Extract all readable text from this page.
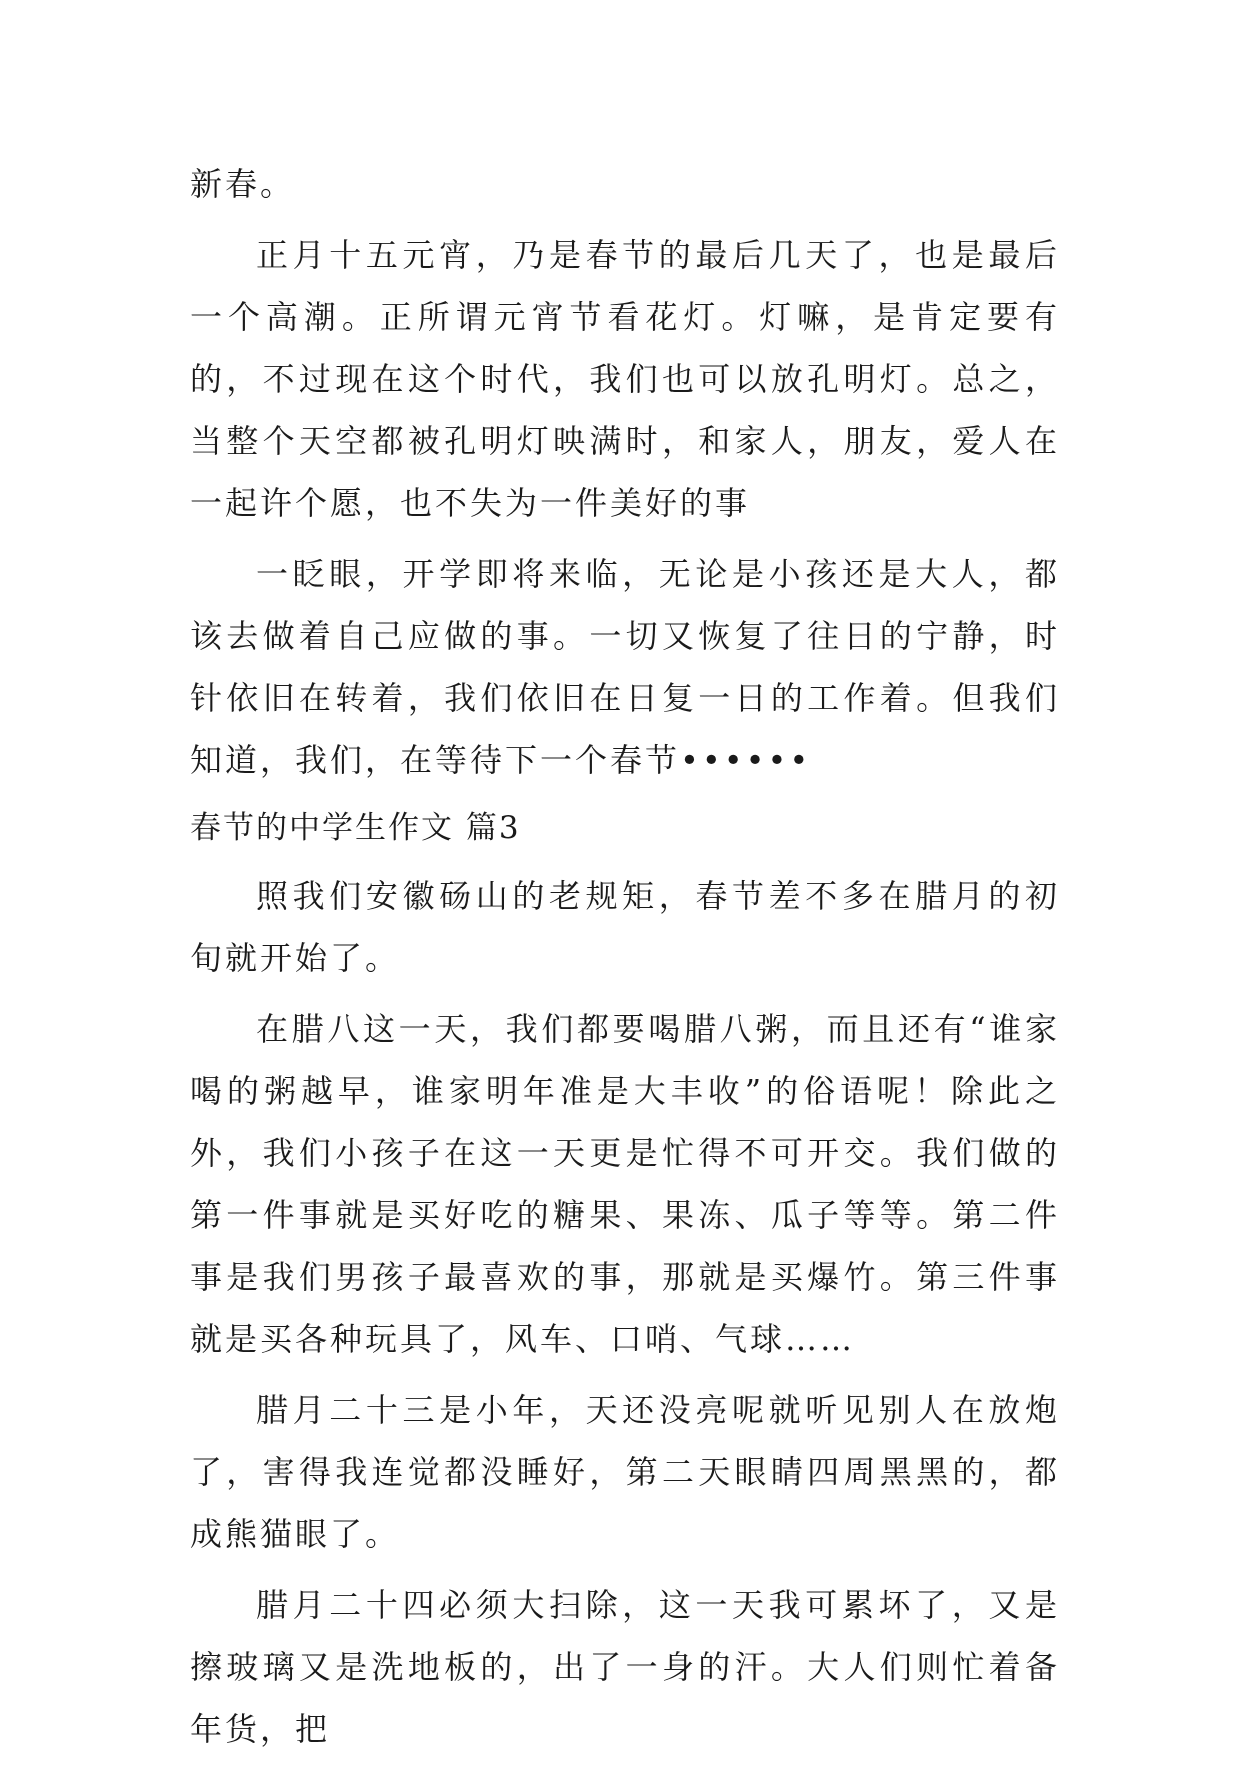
新春。

正月十五元宵，乃是春节的最后几天了，也是最后一个高潮。正所谓元宵节看花灯。灯嘛，是肯定要有的，不过现在这个时代，我们也可以放孔明灯。总之，当整个天空都被孔明灯映满时，和家人，朋友，爱人在一起许个愿，也不失为一件美好的事

一眨眼，开学即将来临，无论是小孩还是大人，都该去做着自己应做的事。一切又恢复了往日的宁静，时针依旧在转着，我们依旧在日复一日的工作着。但我们知道，我们，在等待下一个春节••••••

春节的中学生作文 篇3

照我们安徽砀山的老规矩，春节差不多在腊月的初旬就开始了。

在腊八这一天，我们都要喝腊八粥，而且还有“谁家喝的粥越早，谁家明年准是大丰收”的俗语呢！除此之外，我们小孩子在这一天更是忙得不可开交。我们做的第一件事就是买好吃的糖果、果冻、瓜子等等。第二件事是我们男孩子最喜欢的事，那就是买爆竹。第三件事就是买各种玩具了，风车、口哨、气球……

腊月二十三是小年，天还没亮呢就听见别人在放炮了，害得我连觉都没睡好，第二天眼睛四周黑黑的，都成熊猫眼了。

腊月二十四必须大扫除，这一天我可累坏了，又是擦玻璃又是洗地板的，出了一身的汗。大人们则忙着备年货，把
